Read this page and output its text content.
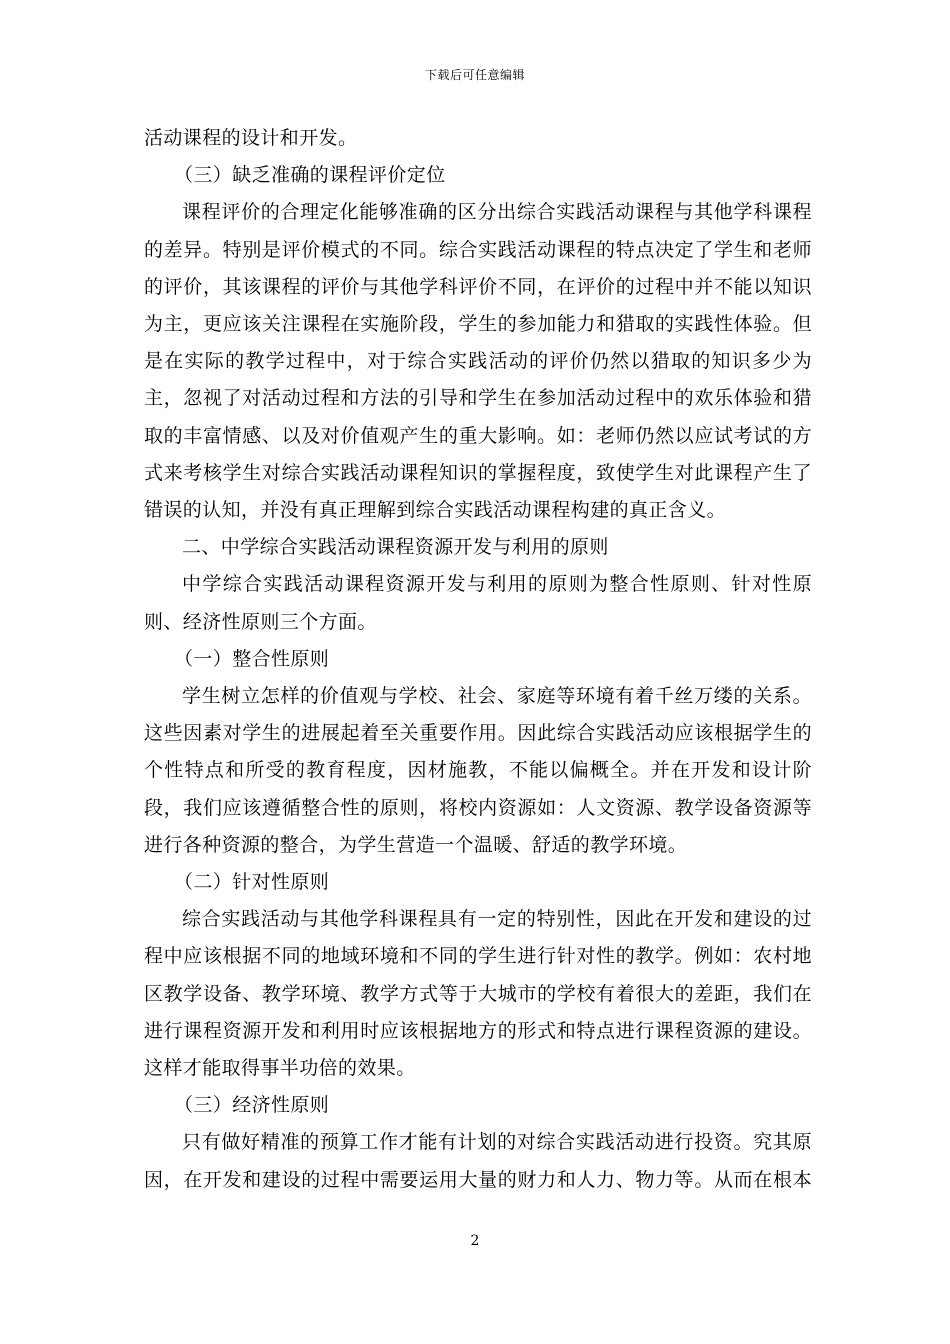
下载后可任意编辑

活动课程的设计和开发。

（三）缺乏准确的课程评价定位

课程评价的合理定化能够准确的区分出综合实践活动课程与其他学科课程的差异。特别是评价模式的不同。综合实践活动课程的特点决定了学生和老师的评价，其该课程的评价与其他学科评价不同，在评价的过程中并不能以知识为主，更应该关注课程在实施阶段，学生的参加能力和猎取的实践性体验。但是在实际的教学过程中，对于综合实践活动的评价仍然以猎取的知识多少为主，忽视了对活动过程和方法的引导和学生在参加活动过程中的欢乐体验和猎取的丰富情感、以及对价值观产生的重大影响。如：老师仍然以应试考试的方式来考核学生对综合实践活动课程知识的掌握程度，致使学生对此课程产生了错误的认知，并没有真正理解到综合实践活动课程构建的真正含义。

二、中学综合实践活动课程资源开发与利用的原则

中学综合实践活动课程资源开发与利用的原则为整合性原则、针对性原则、经济性原则三个方面。

（一）整合性原则

学生树立怎样的价值观与学校、社会、家庭等环境有着千丝万缕的关系。这些因素对学生的进展起着至关重要作用。因此综合实践活动应该根据学生的个性特点和所受的教育程度，因材施教，不能以偏概全。并在开发和设计阶段，我们应该遵循整合性的原则，将校内资源如：人文资源、教学设备资源等进行各种资源的整合，为学生营造一个温暖、舒适的教学环境。

（二）针对性原则

综合实践活动与其他学科课程具有一定的特别性，因此在开发和建设的过程中应该根据不同的地域环境和不同的学生进行针对性的教学。例如：农村地区教学设备、教学环境、教学方式等于大城市的学校有着很大的差距，我们在进行课程资源开发和利用时应该根据地方的形式和特点进行课程资源的建设。这样才能取得事半功倍的效果。

（三）经济性原则

只有做好精准的预算工作才能有计划的对综合实践活动进行投资。究其原因，在开发和建设的过程中需要运用大量的财力和人力、物力等。从而在根本

2
